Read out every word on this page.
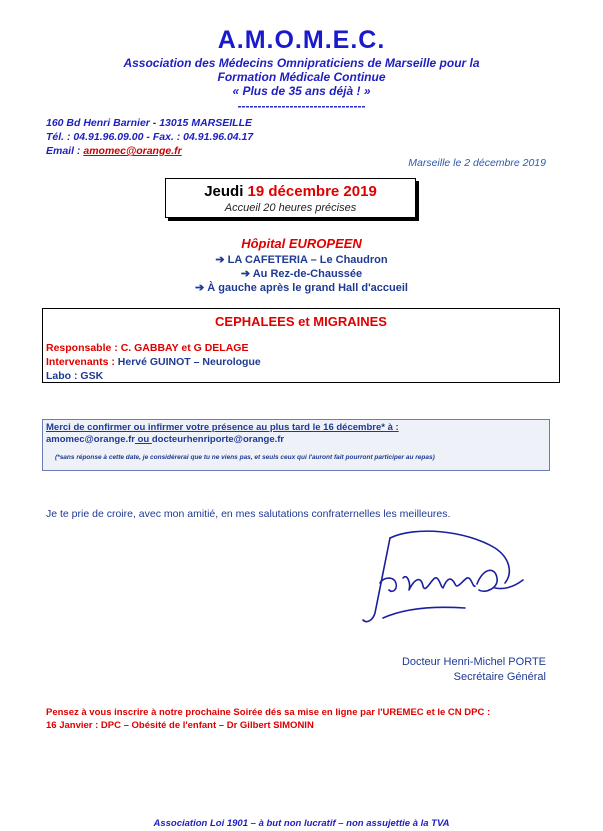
A.M.O.M.E.C.
Association des Médecins Omnipraticiens de Marseille pour la
Formation Médicale Continue
« Plus de 35 ans déjà ! »
--------------------------------
160 Bd Henri Barnier - 13015 MARSEILLE
Tél. : 04.91.96.09.00 - Fax. : 04.91.96.04.17
Email : amomec@orange.fr
Marseille le 2 décembre 2019
Jeudi 19 décembre 2019
Accueil 20 heures précises
Hôpital EUROPEEN
➔ LA CAFETERIA – Le Chaudron
➔ Au Rez-de-Chaussée
➔ À gauche après le grand Hall d'accueil
CEPHALEES et MIGRAINES
Responsable : C. GABBAY et G DELAGE
Intervenants : Hervé GUINOT – Neurologue
Labo : GSK
Merci de confirmer ou infirmer votre présence au plus tard le 16 décembre* à :
amomec@orange.fr ou docteurhenriporte@orange.fr
(*sans réponse à cette date, je considérerai que tu ne viens pas, et seuls ceux qui l'auront fait pourront participer au repas)
Je te prie de croire, avec mon amitié, en mes salutations confraternelles les meilleures.
Docteur Henri-Michel PORTE
Secrétaire Général
Pensez à vous inscrire à notre prochaine Soirée dés sa mise en ligne par l'UREMEC et le CN DPC :
16 Janvier : DPC – Obésité de l'enfant – Dr Gilbert SIMONIN
Association Loi 1901 – à but non lucratif – non assujettie à la TVA
